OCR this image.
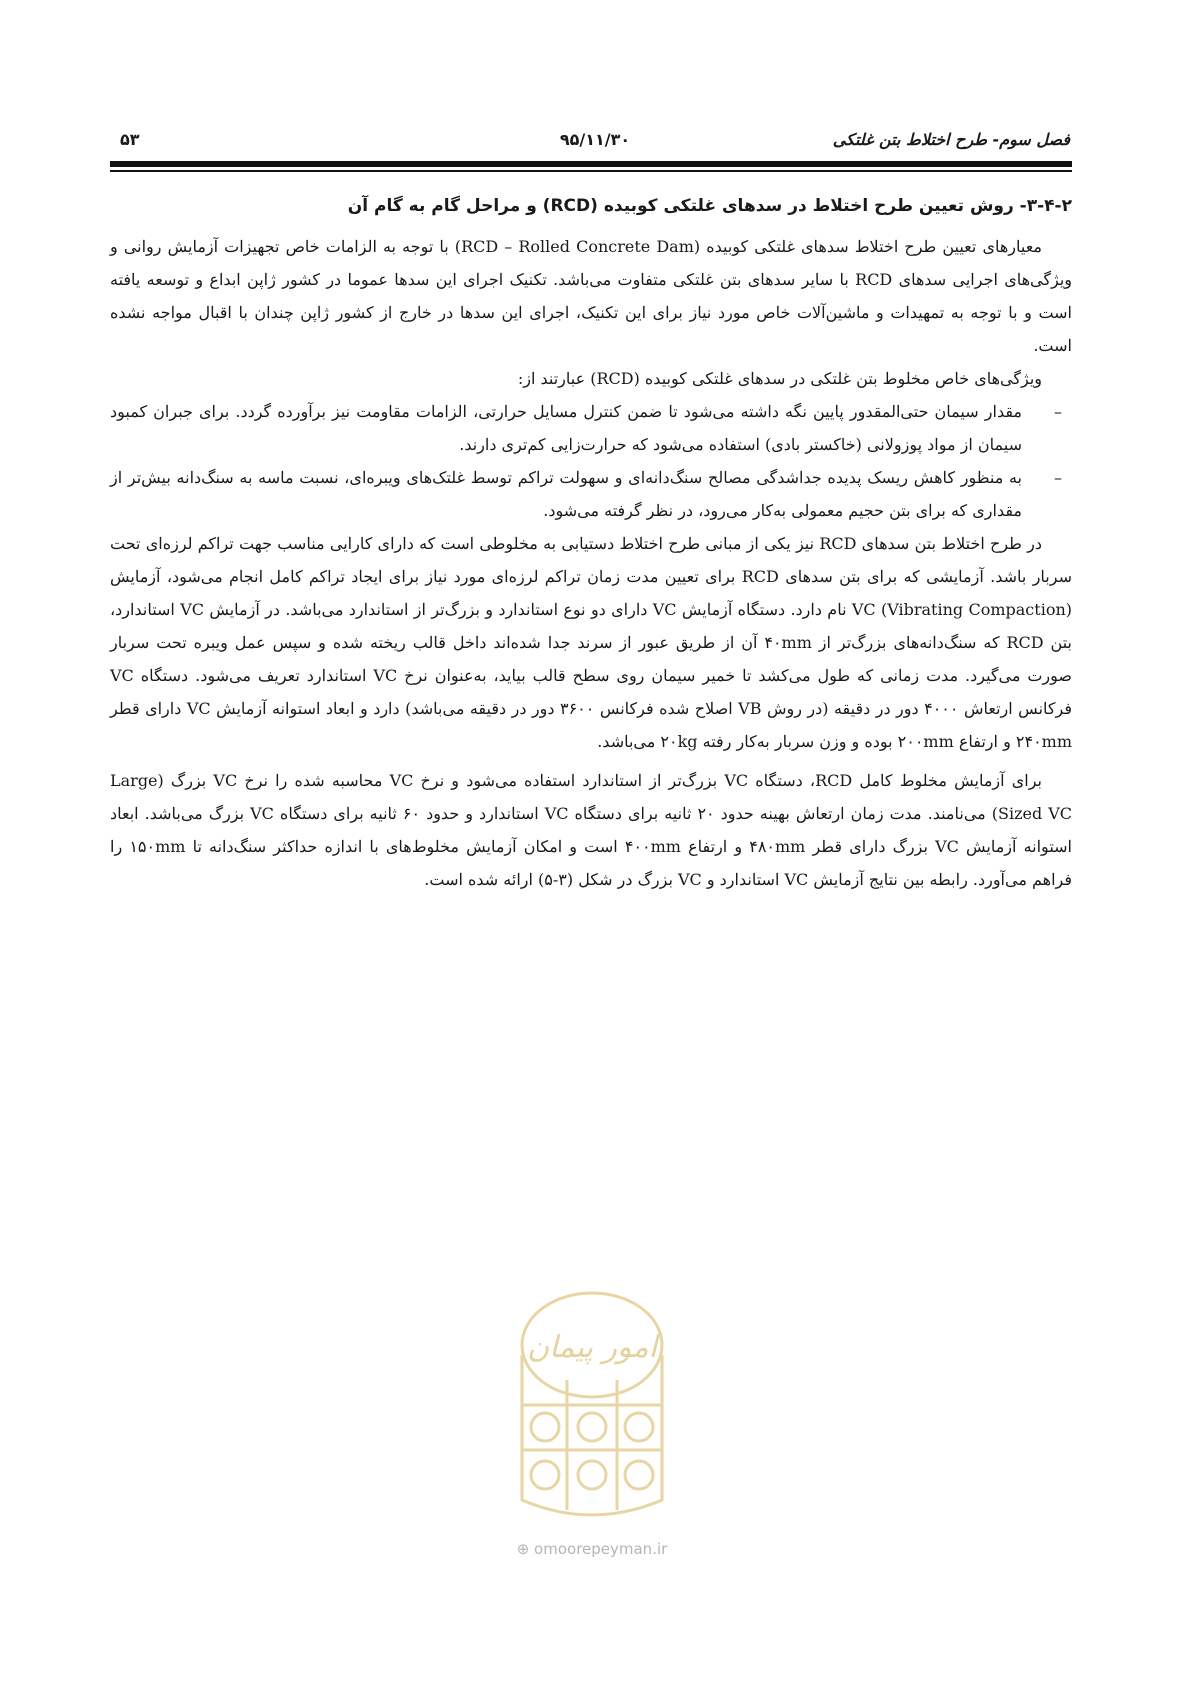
فصل سوم- طرح اختلاط بتن غلتکی
۹۵/۱۱/۳۰
۵۳
۳-۴-۲- روش تعیین طرح اختلاط در سدهای غلتکی کوبیده (RCD) و مراحل گام به گام آن

معیارهای تعیین طرح اختلاط سدهای غلتکی کوبیده (RCD – Rolled Concrete Dam) با توجه به الزامات خاص تجهیزات آزمایش روانی و ویژگی‌های اجرایی سدهای RCD با سایر سدهای بتن غلتکی متفاوت می‌باشد. تکنیک اجرای این سدها عموما در کشور ژاپن ابداع و توسعه یافته است و با توجه به تمهیدات و ماشین‌آلات خاص مورد نیاز برای این تکنیک، اجرای این سدها در خارج از کشور ژاپن چندان با اقبال مواجه نشده است.

ویژگی‌های خاص مخلوط بتن غلتکی در سدهای غلتکی کوبیده (RCD) عبارتند از:

–
مقدار سیمان حتی‌المقدور پایین نگه داشته می‌شود تا ضمن کنترل مسایل حرارتی، الزامات مقاومت نیز برآورده گردد. برای جبران کمبود سیمان از مواد پوزولانی (خاکستر بادی) استفاده می‌شود که حرارت‌زایی کم‌تری دارند.
–
به منظور کاهش ریسک پدیده جداشدگی مصالح سنگ‌دانه‌ای و سهولت تراکم توسط غلتک‌های ویبره‌ای، نسبت ماسه به سنگ‌دانه بیش‌تر از مقداری که برای بتن حجیم معمولی به‌کار می‌رود، در نظر گرفته می‌شود.

در طرح اختلاط بتن سدهای RCD نیز یکی از مبانی طرح اختلاط دستیابی به مخلوطی است که دارای کارایی مناسب جهت تراکم لرزه‌ای تحت سربار باشد. آزمایشی که برای بتن سدهای RCD برای تعیین مدت زمان تراکم لرزه‌ای مورد نیاز برای ایجاد تراکم کامل انجام می‌شود، آزمایش (VC (Vibrating Compaction نام دارد. دستگاه آزمایش VC دارای دو نوع استاندارد و بزرگ‌تر از استاندارد می‌باشد. در آزمایش VC استاندارد، بتن RCD که سنگ‌دانه‌های بزرگ‌تر از ۴۰mm آن از طریق عبور از سرند جدا شده‌اند داخل قالب ریخته شده و سپس عمل ویبره تحت سربار صورت می‌گیرد. مدت زمانی که طول می‌کشد تا خمیر سیمان روی سطح قالب بیاید، به‌عنوان نرخ VC استاندارد تعریف می‌شود. دستگاه VC فرکانس ارتعاش ۴۰۰۰ دور در دقیقه (در روش VB اصلاح شده فرکانس ۳۶۰۰ دور در دقیقه می‌باشد) دارد و ابعاد استوانه آزمایش VC دارای قطر ۲۴۰mm و ارتفاع ۲۰۰mm بوده و وزن سربار به‌کار رفته ۲۰kg می‌باشد.

برای آزمایش مخلوط کامل RCD، دستگاه VC بزرگ‌تر از استاندارد استفاده می‌شود و نرخ VC محاسبه شده را نرخ VC بزرگ (Large Sized VC) می‌نامند. مدت زمان ارتعاش بهینه حدود ۲۰ ثانیه برای دستگاه VC استاندارد و حدود ۶۰ ثانیه برای دستگاه VC بزرگ می‌باشد. ابعاد استوانه آزمایش VC بزرگ دارای قطر ۴۸۰mm و ارتفاع ۴۰۰mm است و امکان آزمایش مخلوط‌های با اندازه حداکثر سنگ‌دانه تا ۱۵۰mm را فراهم می‌آورد. رابطه بین نتایج آزمایش VC استاندارد و VC بزرگ در شکل (۳-۵) ارائه شده است.

امور پیمان
⊕ omoorepeyman.ir
